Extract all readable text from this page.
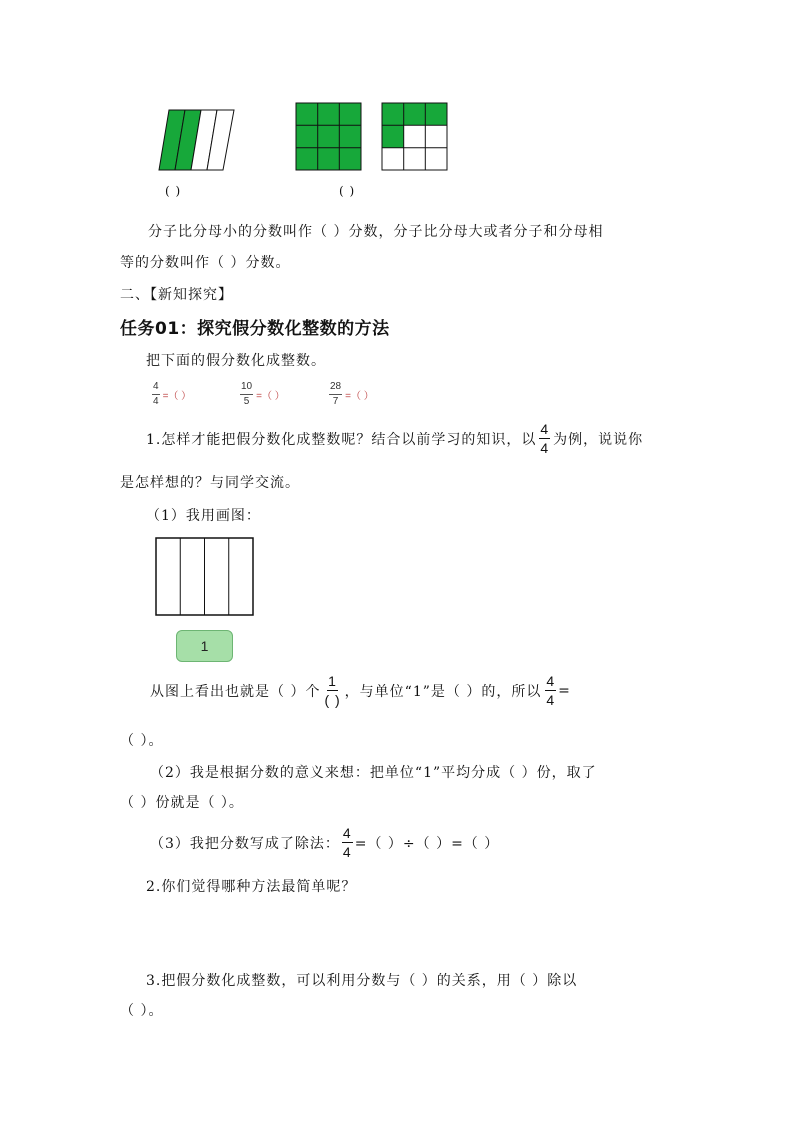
( )	( )
分子比分母小的分数叫作（ ）分数，分子比分母大或者分子和分母相
等的分数叫作（ ）分数。
二、【新知探究】
任务01：探究假分数化整数的方法
把下面的假分数化成整数。
$\frac{4}{4}$ =（ ）	$\frac{10}{5}$ =（ ）	$\frac{28}{7}$ =（ ）
1.怎样才能把假分数化成整数呢？结合以前学习的知识，以 $\frac{4}{4}$ 为例，说说你
是怎样想的？与同学交流。
（1）我用画图：
1
从图上看出也就是（ ）个 $\frac{1}{( )}$ ，与单位“1”是（ ）的，所以 $\frac{4}{4}$ =
（ ）。
（2）我是根据分数的意义来想：把单位“1”平均分成（ ）份，取了
（ ）份就是（ ）。
（3）我把分数写成了除法： $\frac{4}{4}$ =（ ）÷（ ）=（ ）
2.你们觉得哪种方法最简单呢？
3.把假分数化成整数，可以利用分数与（ ）的关系，用（ ）除以
（ ）。
